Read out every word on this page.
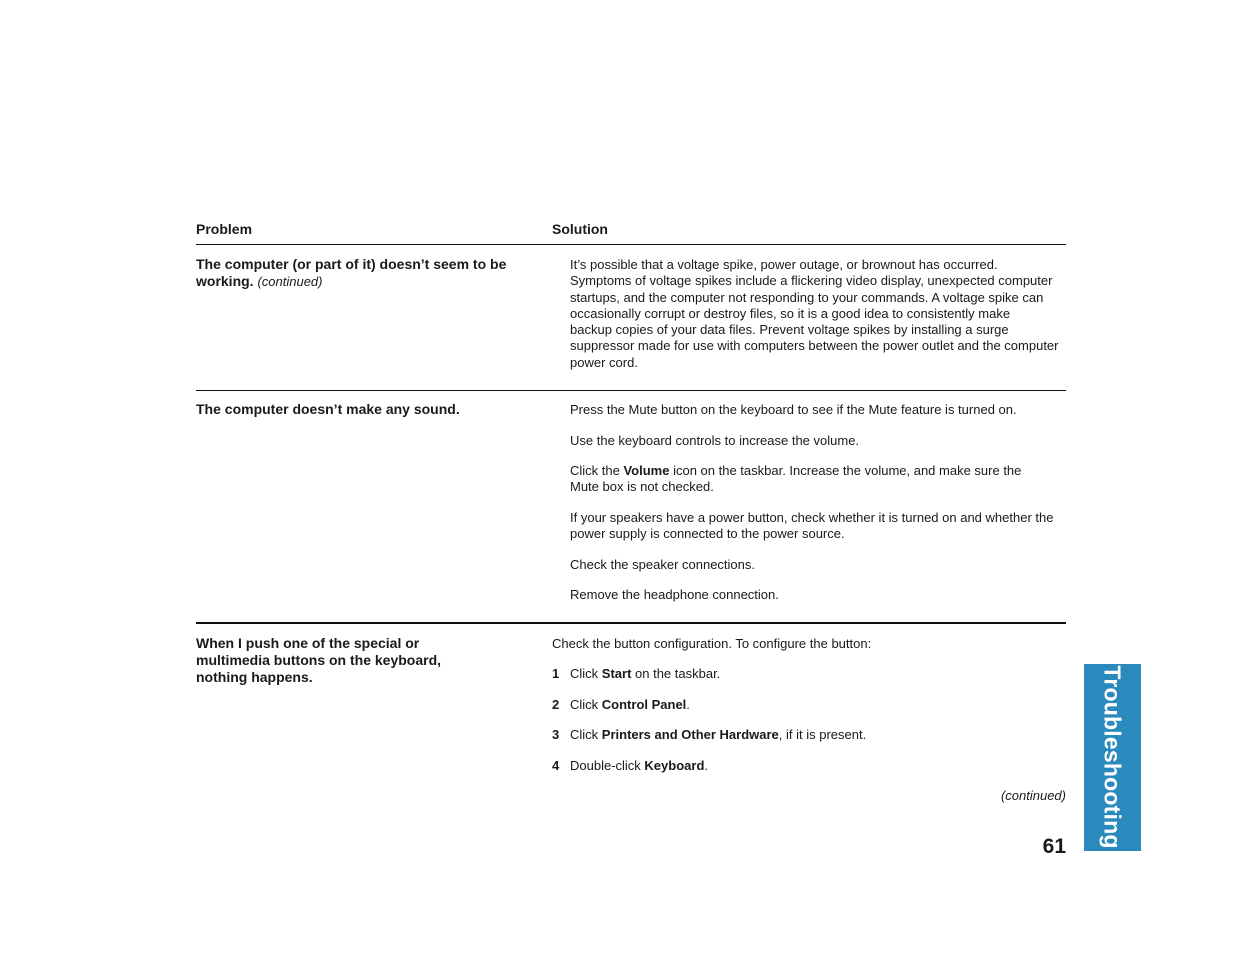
Problem	Solution
The computer (or part of it) doesn’t seem to be working. (continued)
It’s possible that a voltage spike, power outage, or brownout has occurred.
Symptoms of voltage spikes include a flickering video display, unexpected computer
startups, and the computer not responding to your commands. A voltage spike can
occasionally corrupt or destroy files, so it is a good idea to consistently make
backup copies of your data files. Prevent voltage spikes by installing a surge
suppressor made for use with computers between the power outlet and the computer
power cord.
The computer doesn’t make any sound.	Press the Mute button on the keyboard to see if the Mute feature is turned on.
Use the keyboard controls to increase the volume.
Click the Volume icon on the taskbar. Increase the volume, and make sure the
Mute box is not checked.
If your speakers have a power button, check whether it is turned on and whether the
power supply is connected to the power source.
Check the speaker connections.
Remove the headphone connection.
When I push one of the special or
multimedia buttons on the keyboard,
nothing happens.
Check the button configuration. To configure the button:
1 Click Start on the taskbar.
2 Click Control Panel.
3 Click Printers and Other Hardware, if it is present.
4 Double-click Keyboard.
(continued) Troubleshooting
61
